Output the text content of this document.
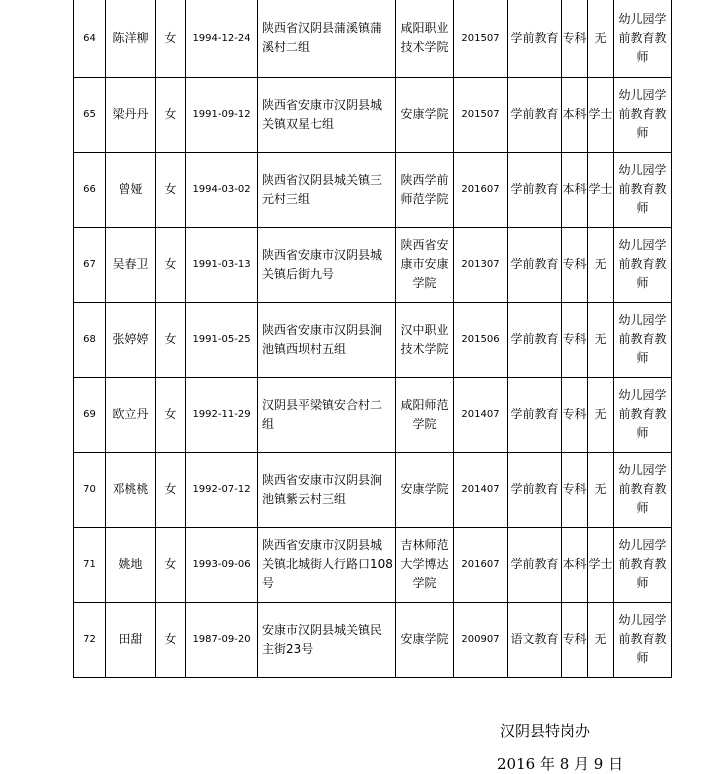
64	陈洋柳	女	1994-12-24	陕西省汉阴县蒲溪镇蒲溪村二组	咸阳职业技术学院	201507	学前教育	专科	无	幼儿园学前教育教师
65	梁丹丹	女	1991-09-12	陕西省安康市汉阴县城关镇双星七组	安康学院	201507	学前教育	本科	学士	幼儿园学前教育教师
66	曾娅	女	1994-03-02	陕西省汉阴县城关镇三元村三组	陕西学前师范学院	201607	学前教育	本科	学士	幼儿园学前教育教师
67	吴春卫	女	1991-03-13	陕西省安康市汉阴县城关镇后街九号	陕西省安康市安康学院	201307	学前教育	专科	无	幼儿园学前教育教师
68	张婷婷	女	1991-05-25	陕西省安康市汉阴县涧池镇西坝村五组	汉中职业技术学院	201506	学前教育	专科	无	幼儿园学前教育教师
69	欧立丹	女	1992-11-29	汉阴县平梁镇安合村二组	咸阳师范学院	201407	学前教育	专科	无	幼儿园学前教育教师
70	邓桃桃	女	1992-07-12	陕西省安康市汉阴县涧池镇紫云村三组	安康学院	201407	学前教育	专科	无	幼儿园学前教育教师
71	姚地	女	1993-09-06	陕西省安康市汉阴县城关镇北城街人行路口108号	吉林师范大学博达学院	201607	学前教育	本科	学士	幼儿园学前教育教师
72	田甜	女	1987-09-20	安康市汉阴县城关镇民主街23号	安康学院	200907	语文教育	专科	无	幼儿园学前教育教师
汉阴县特岗办
2016 年 8 月 9 日
